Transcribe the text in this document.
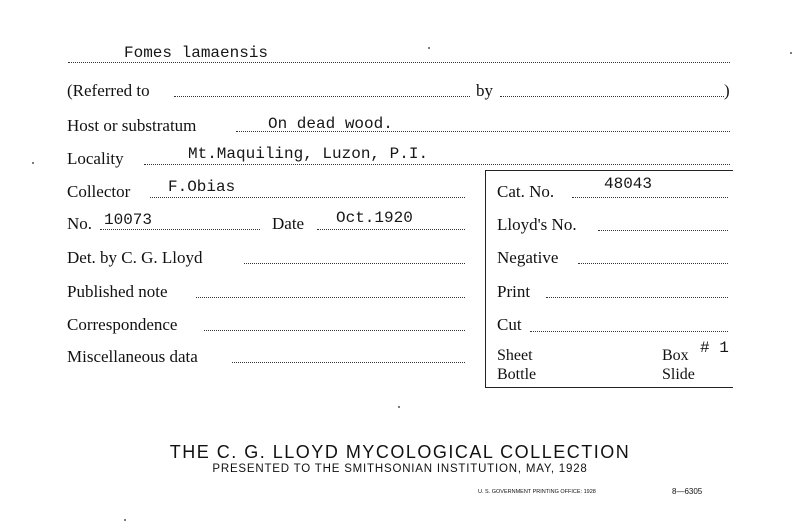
Fomes lamaensis
(Referred to	by	)
Host or substratum	On dead wood.
Locality	Mt.Maquiling, Luzon, P.I.
Collector F.Obias
No. 10073	Date Oct.1920
Det. by C. G. Lloyd
Published note
Correspondence
Miscellaneous data
Cat. No.	48043
Lloyd's No.
Negative
Print
Cut
Sheet
Bottle
Box # 1
Slide
THE C. G. LLOYD MYCOLOGICAL COLLECTION
PRESENTED TO THE SMITHSONIAN INSTITUTION, MAY, 1928
U. S. GOVERNMENT PRINTING OFFICE: 1928	8—6305
